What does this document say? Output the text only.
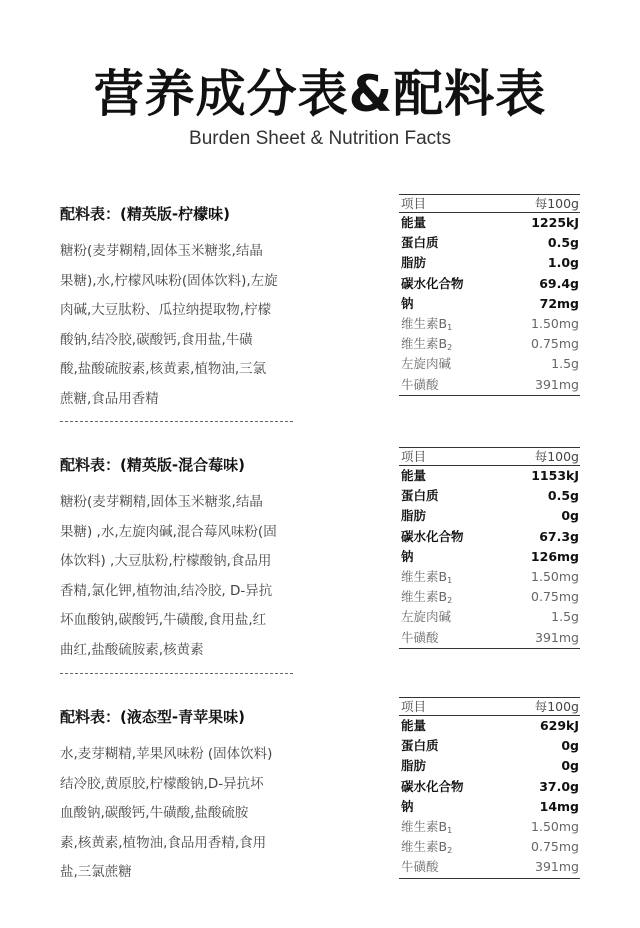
营养成分表&配料表
Burden Sheet & Nutrition Facts
配料表：(精英版-柠檬味)
糖粉(麦芽糊精,固体玉米糖浆,结晶
果糖),水,柠檬风味粉(固体饮料),左旋
肉碱,大豆肽粉、瓜拉纳提取物,柠檬
酸钠,结冷胶,碳酸钙,食用盐,牛磺
酸,盐酸硫胺素,核黄素,植物油,三氯
蔗糖,食品用香精
项目	每100g
能量	1225kJ
蛋白质	0.5g
脂肪	1.0g
碳水化合物	69.4g
钠	72mg
维生素$B_1$	1.50mg
维生素$B_2$	0.75mg
左旋肉碱	1.5g
牛磺酸	391mg
配料表：(精英版-混合莓味)
糖粉(麦芽糊精,固体玉米糖浆,结晶
果糖) ,水,左旋肉碱,混合莓风味粉(固
体饮料) ,大豆肽粉,柠檬酸钠,食品用
香精,氯化钾,植物油,结冷胶, D-异抗
坏血酸钠,碳酸钙,牛磺酸,食用盐,红
曲红,盐酸硫胺素,核黄素
项目	每100g
能量	1153kJ
蛋白质	0.5g
脂肪	0g
碳水化合物	67.3g
钠	126mg
维生素$B_1$	1.50mg
维生素$B_2$	0.75mg
左旋肉碱	1.5g
牛磺酸	391mg
配料表：(液态型-青苹果味)
水,麦芽糊精,苹果风味粉 (固体饮料)
结冷胶,黄原胶,柠檬酸钠,D-异抗坏
血酸钠,碳酸钙,牛磺酸,盐酸硫胺
素,核黄素,植物油,食品用香精,食用
盐,三氯蔗糖
项目	每100g
能量	629kJ
蛋白质	0g
脂肪	0g
碳水化合物	37.0g
钠	14mg
维生素$B_1$	1.50mg
维生素$B_2$	0.75mg
牛磺酸	391mg
